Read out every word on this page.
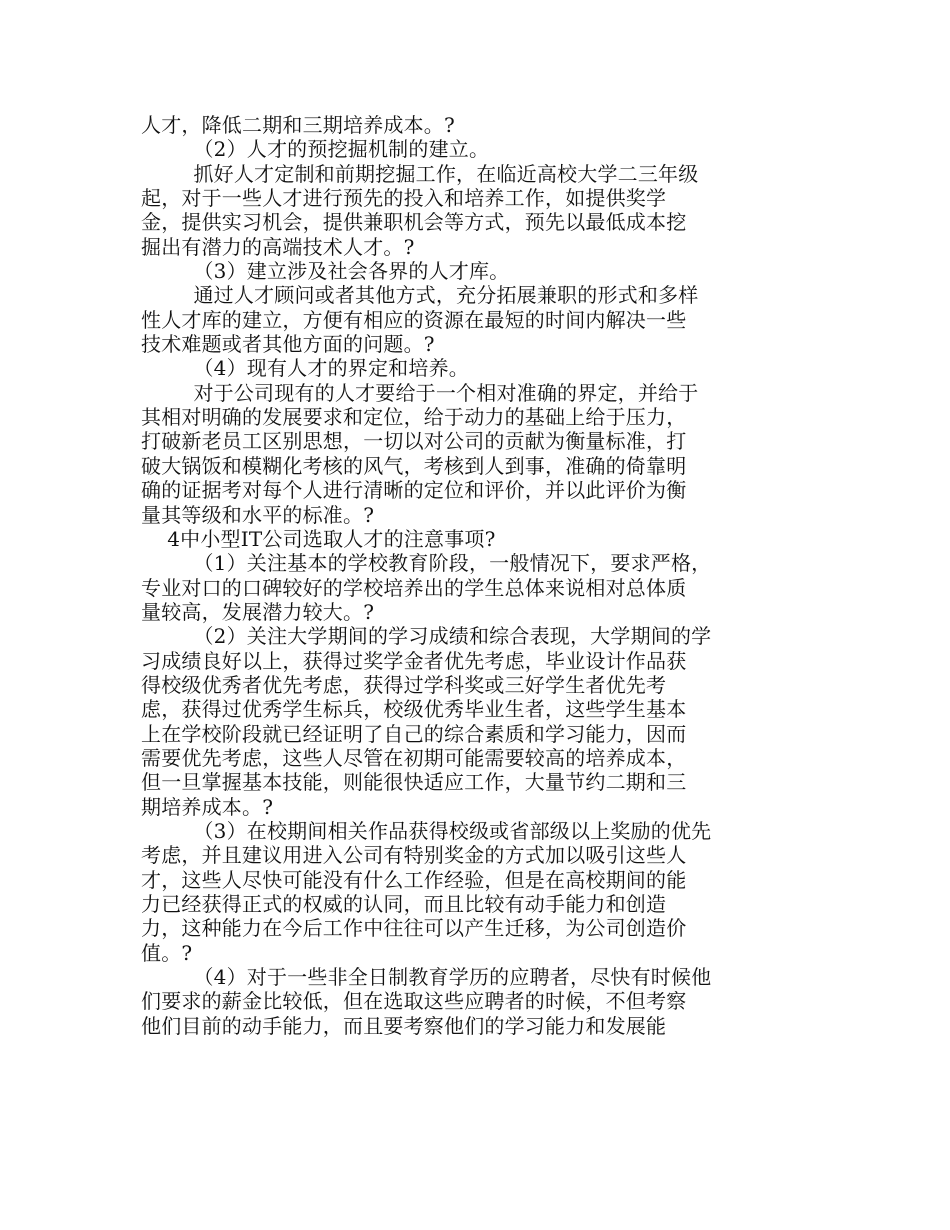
人才，降低二期和三期培养成本。?
（2）人才的预挖掘机制的建立。
抓好人才定制和前期挖掘工作，在临近高校大学二三年级
起，对于一些人才进行预先的投入和培养工作，如提供奖学
金，提供实习机会，提供兼职机会等方式，预先以最低成本挖
掘出有潜力的高端技术人才。?
（3）建立涉及社会各界的人才库。
通过人才顾问或者其他方式，充分拓展兼职的形式和多样
性人才库的建立，方便有相应的资源在最短的时间内解决一些
技术难题或者其他方面的问题。?
（4）现有人才的界定和培养。
对于公司现有的人才要给于一个相对准确的界定，并给于
其相对明确的发展要求和定位，给于动力的基础上给于压力，
打破新老员工区别思想，一切以对公司的贡献为衡量标准，打
破大锅饭和模糊化考核的风气，考核到人到事，准确的倚靠明
确的证据考对每个人进行清晰的定位和评价，并以此评价为衡
量其等级和水平的标准。?
4中小型IT公司选取人才的注意事项?
（1）关注基本的学校教育阶段，一般情况下，要求严格，
专业对口的口碑较好的学校培养出的学生总体来说相对总体质
量较高，发展潜力较大。?
（2）关注大学期间的学习成绩和综合表现，大学期间的学
习成绩良好以上，获得过奖学金者优先考虑，毕业设计作品获
得校级优秀者优先考虑，获得过学科奖或三好学生者优先考
虑，获得过优秀学生标兵，校级优秀毕业生者，这些学生基本
上在学校阶段就已经证明了自己的综合素质和学习能力，因而
需要优先考虑，这些人尽管在初期可能需要较高的培养成本，
但一旦掌握基本技能，则能很快适应工作，大量节约二期和三
期培养成本。?
（3）在校期间相关作品获得校级或省部级以上奖励的优先
考虑，并且建议用进入公司有特别奖金的方式加以吸引这些人
才，这些人尽快可能没有什么工作经验，但是在高校期间的能
力已经获得正式的权威的认同，而且比较有动手能力和创造
力，这种能力在今后工作中往往可以产生迁移，为公司创造价
值。?
（4）对于一些非全日制教育学历的应聘者，尽快有时候他
们要求的薪金比较低，但在选取这些应聘者的时候，不但考察
他们目前的动手能力，而且要考察他们的学习能力和发展能
